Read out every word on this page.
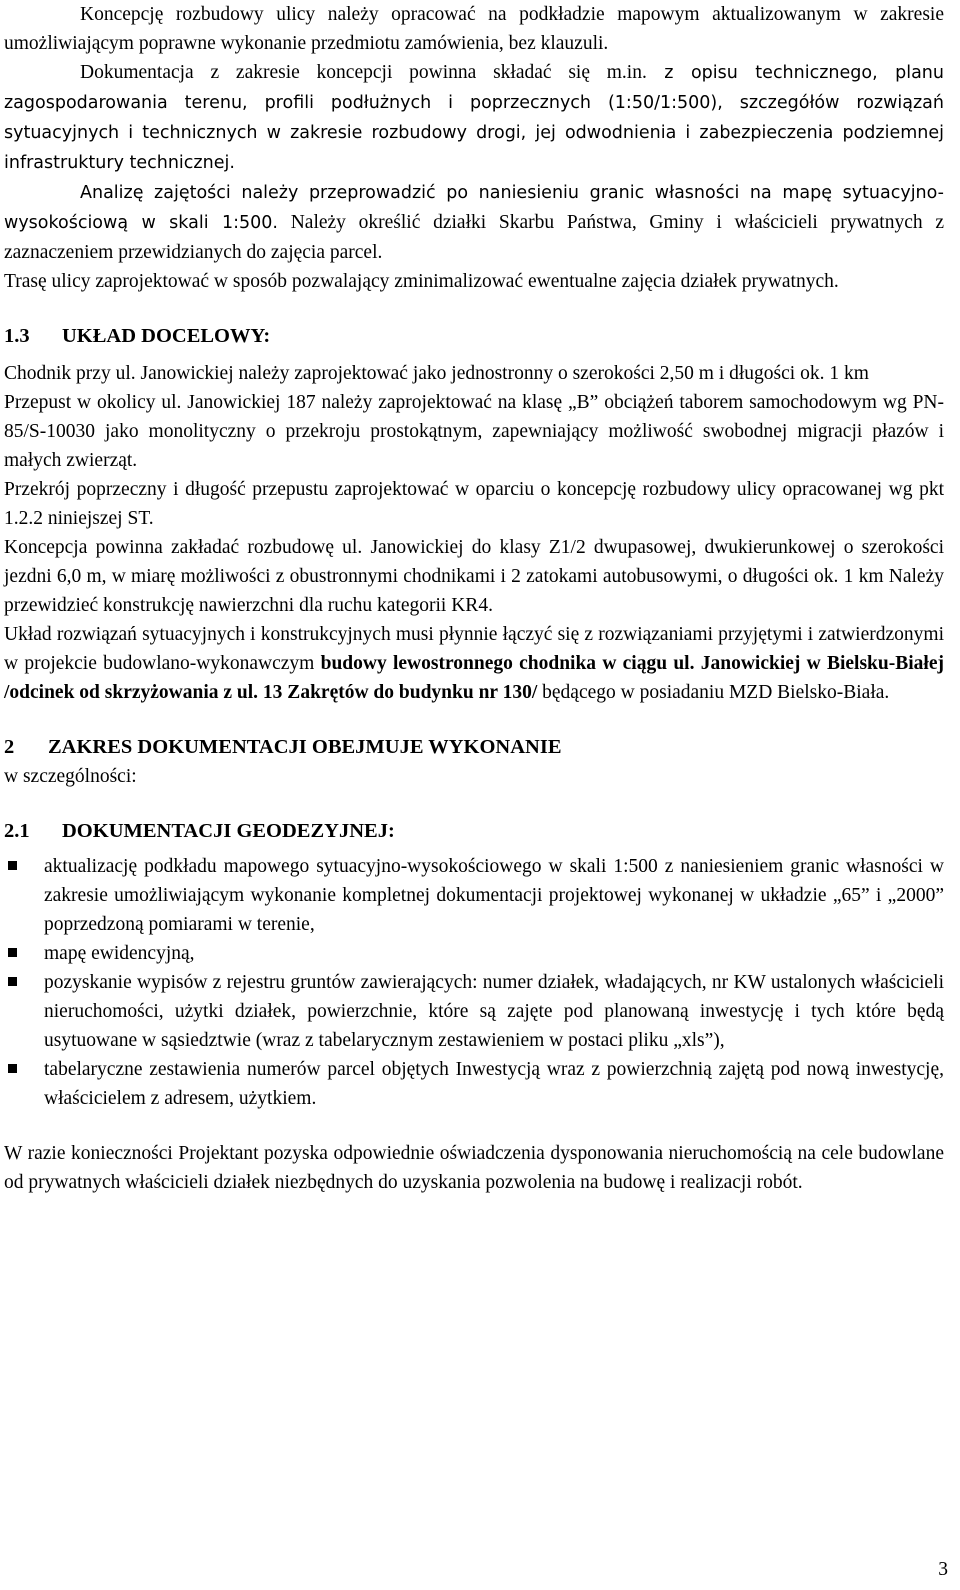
Koncepcję rozbudowy ulicy należy opracować na podkładzie mapowym aktualizowanym w zakresie umożliwiającym poprawne wykonanie przedmiotu zamówienia, bez klauzuli.

Dokumentacja z zakresie koncepcji powinna składać się m.in. z opisu technicznego, planu zagospodarowania terenu, profili podłużnych i poprzecznych (1:50/1:500), szczegółów rozwiązań sytuacyjnych i technicznych w zakresie rozbudowy drogi, jej odwodnienia i zabezpieczenia podziemnej infrastruktury technicznej.

Analizę zajętości należy przeprowadzić po naniesieniu granic własności na mapę sytuacyjno-wysokościową w skali 1:500. Należy określić działki Skarbu Państwa, Gminy i właścicieli prywatnych z zaznaczeniem przewidzianych do zajęcia parcel.

Trasę ulicy zaprojektować w sposób pozwalający zminimalizować ewentualne zajęcia działek prywatnych.

1.3 UKŁAD DOCELOWY:

Chodnik przy ul. Janowickiej należy zaprojektować jako jednostronny o szerokości 2,50 m i długości ok. 1 km

Przepust w okolicy ul. Janowickiej 187 należy zaprojektować na klasę „B” obciążeń taborem samochodowym wg PN-85/S-10030 jako monolityczny o przekroju prostokątnym, zapewniający możliwość swobodnej migracji płazów i małych zwierząt.

Przekrój poprzeczny i długość przepustu zaprojektować w oparciu o koncepcję rozbudowy ulicy opracowanej wg pkt 1.2.2 niniejszej ST.

Koncepcja powinna zakładać rozbudowę ul. Janowickiej do klasy Z1/2 dwupasowej, dwukierunkowej o szerokości jezdni 6,0 m, w miarę możliwości z obustronnymi chodnikami i 2 zatokami autobusowymi, o długości ok. 1 km Należy przewidzieć konstrukcję nawierzchni dla ruchu kategorii KR4.

Układ rozwiązań sytuacyjnych i konstrukcyjnych musi płynnie łączyć się z rozwiązaniami przyjętymi i zatwierdzonymi w projekcie budowlano-wykonawczym budowy lewostronnego chodnika w ciągu ul. Janowickiej w Bielsku-Białej /odcinek od skrzyżowania z ul. 13 Zakrętów do budynku nr 130/ będącego w posiadaniu MZD Bielsko-Biała.

2 ZAKRES DOKUMENTACJI OBEJMUJE WYKONANIE

w szczególności:

2.1 DOKUMENTACJI GEODEZYJNEJ:
aktualizację podkładu mapowego sytuacyjno-wysokościowego w skali 1:500 z naniesieniem granic własności w zakresie umożliwiającym wykonanie kompletnej dokumentacji projektowej wykonanej w układzie „65” i „2000” poprzedzoną pomiarami w terenie,
mapę ewidencyjną,
pozyskanie wypisów z rejestru gruntów zawierających: numer działek, władających, nr KW ustalonych właścicieli nieruchomości, użytki działek, powierzchnie, które są zajęte pod planowaną inwestycję i tych które będą usytuowane w sąsiedztwie (wraz z tabelarycznym zestawieniem w postaci pliku „xls”),
tabelaryczne zestawienia numerów parcel objętych Inwestycją wraz z powierzchnią zajętą pod nową inwestycję, właścicielem z adresem, użytkiem.

W razie konieczności Projektant pozyska odpowiednie oświadczenia dysponowania nieruchomością na cele budowlane od prywatnych właścicieli działek niezbędnych do uzyskania pozwolenia na budowę i realizacji robót.

3
